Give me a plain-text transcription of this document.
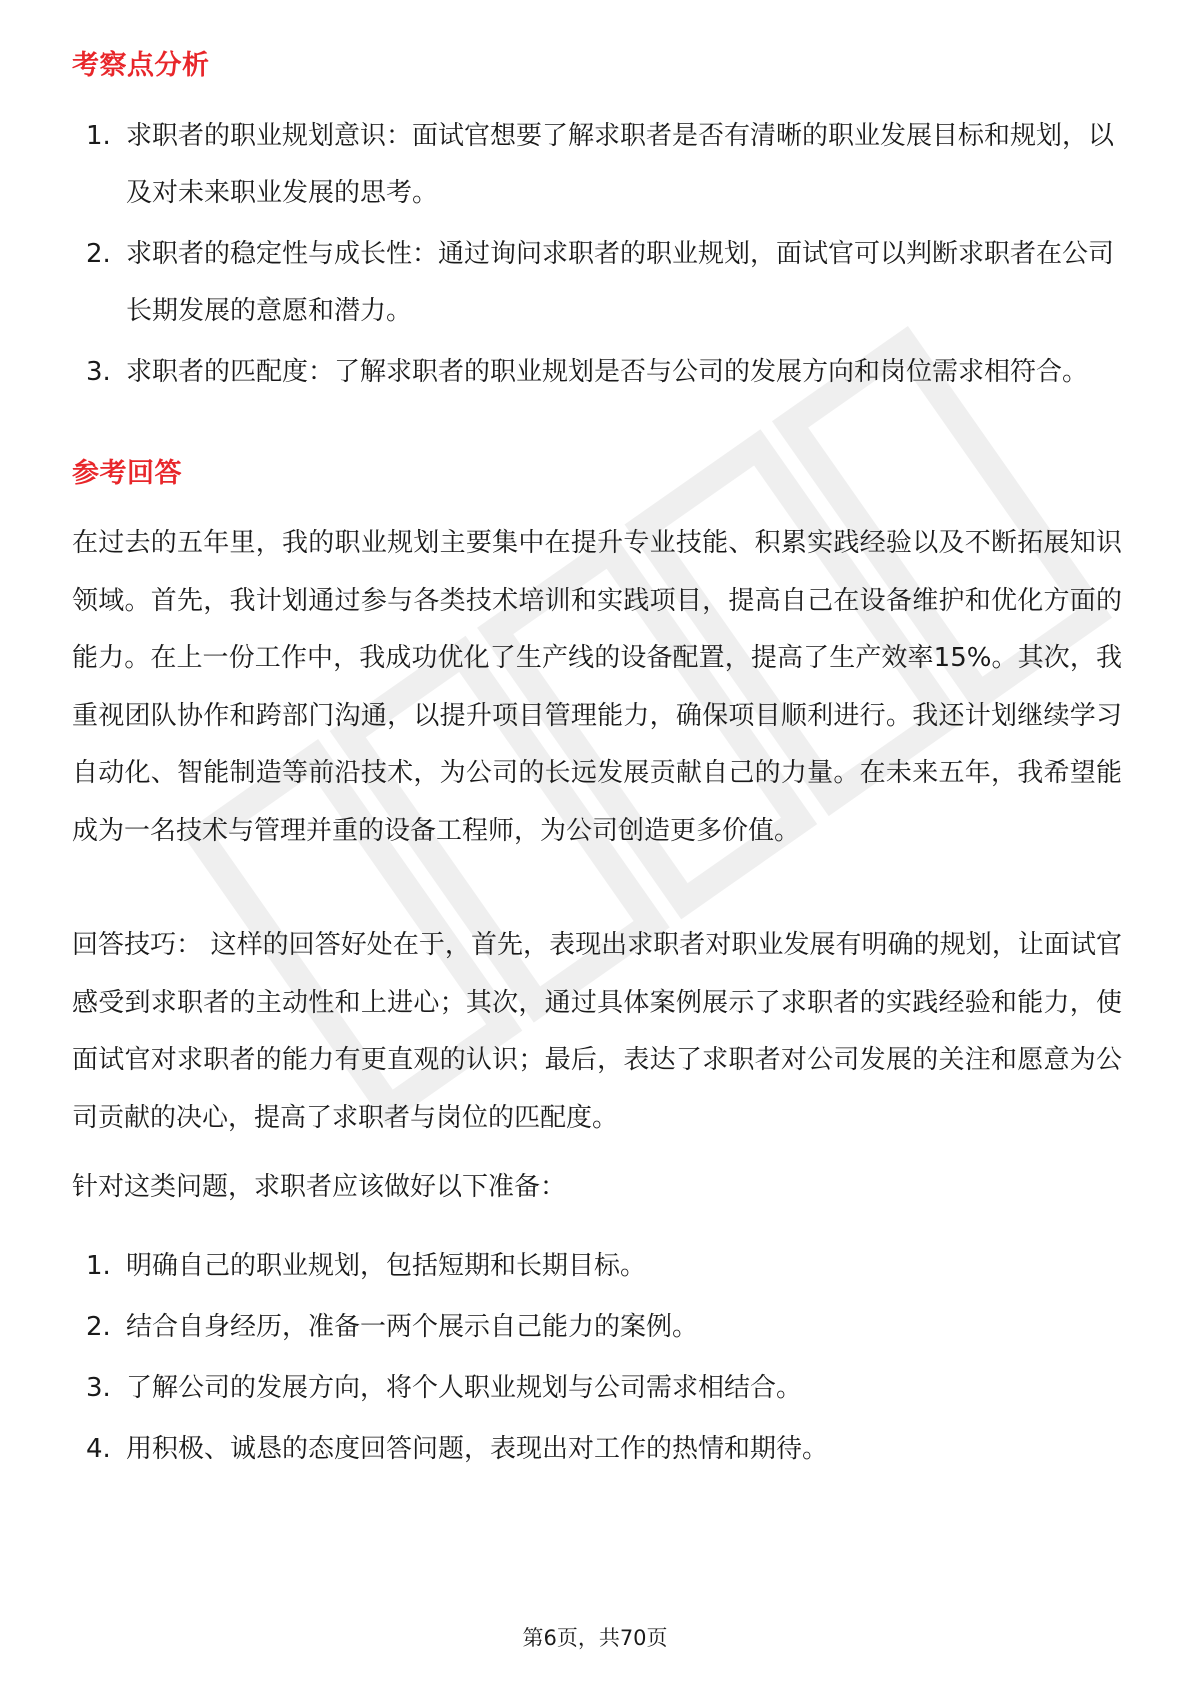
考察点分析
1. 求职者的职业规划意识：面试官想要了解求职者是否有清晰的职业发展目标和规划，以及对未来职业发展的思考。
2. 求职者的稳定性与成长性：通过询问求职者的职业规划，面试官可以判断求职者在公司长期发展的意愿和潜力。
3. 求职者的匹配度：了解求职者的职业规划是否与公司的发展方向和岗位需求相符合。
参考回答

在过去的五年里，我的职业规划主要集中在提升专业技能、积累实践经验以及不断拓展知识领域。首先，我计划通过参与各类技术培训和实践项目，提高自己在设备维护和优化方面的能力。在上一份工作中，我成功优化了生产线的设备配置，提高了生产效率15%。其次，我重视团队协作和跨部门沟通，以提升项目管理能力，确保项目顺利进行。我还计划继续学习自动化、智能制造等前沿技术，为公司的长远发展贡献自己的力量。在未来五年，我希望能成为一名技术与管理并重的设备工程师，为公司创造更多价值。

回答技巧： 这样的回答好处在于，首先，表现出求职者对职业发展有明确的规划，让面试官感受到求职者的主动性和上进心；其次，通过具体案例展示了求职者的实践经验和能力，使面试官对求职者的能力有更直观的认识；最后，表达了求职者对公司发展的关注和愿意为公司贡献的决心，提高了求职者与岗位的匹配度。

针对这类问题，求职者应该做好以下准备：

1. 明确自己的职业规划，包括短期和长期目标。
2. 结合自身经历，准备一两个展示自己能力的案例。
3. 了解公司的发展方向，将个人职业规划与公司需求相结合。
4. 用积极、诚恳的态度回答问题，表现出对工作的热情和期待。
第6页，共70页
